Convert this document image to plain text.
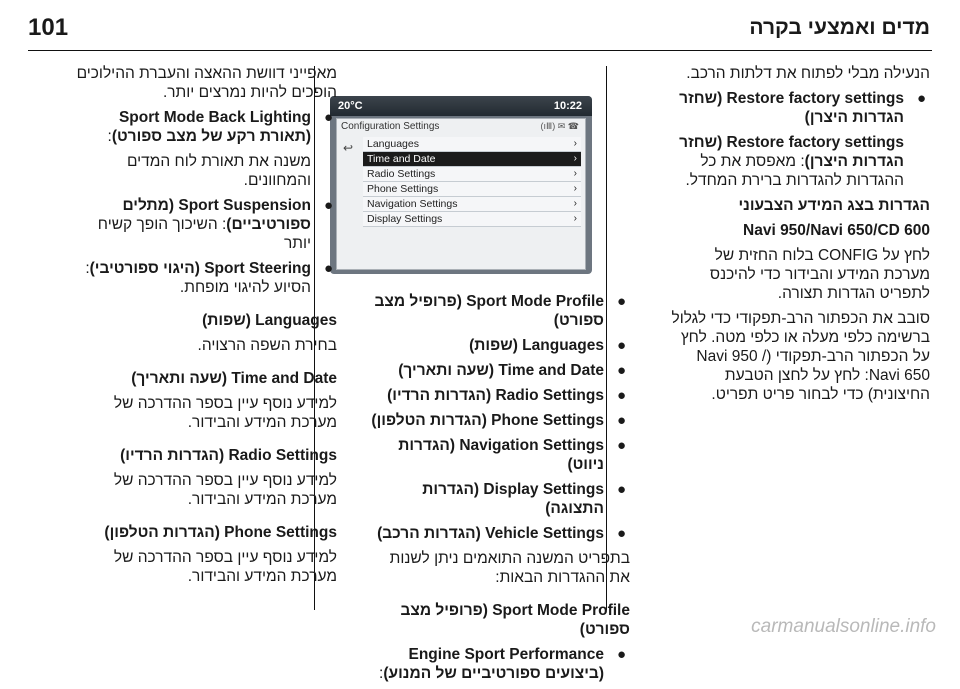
101	מדים ואמצעי בקרה

הנעילה מבלי לפתוח את דלתות הרכב.

●
Restore factory settings (שחזר הגדרות היצרן)

Restore factory settings (שחזר הגדרות היצרן): מאפסת את כל ההגדרות להגדרות ברירת המחדל.

הגדרות בצג המידע הצבעוני

Navi 950/Navi 650/CD 600

לחץ על CONFIG בלוח החזית של מערכת המידע והבידור כדי להיכנס לתפריט הגדרות תצורה.

סובב את הכפתור הרב-תפקודי כדי לגלול ברשימה כלפי מעלה או כלפי מטה. לחץ על הכפתור הרב-תפקודי (/ Navi 950

Navi 650: לחץ על לחצן הטבעת החיצונית) כדי לבחור פריט תפריט.

20°C	10:22
Configuration Settings	(ıⅢ) ✉ ☎
↩	Languages	›
Time and Date	›
Radio Settings	›
Phone Settings	›
Navigation Settings	›
Display Settings	›
●
Sport Mode Profile (פרופיל מצב ספורט)
●
Languages (שפות)
●
Time and Date (שעה ותאריך)
●
Radio Settings (הגדרות הרדיו)
●
Phone Settings (הגדרות הטלפון)
●
Navigation Settings (הגדרות ניווט)
●
Display Settings (הגדרות התצוגה)
●
Vehicle Settings (הגדרות הרכב)

בתפריט המשנה התואמים ניתן לשנות את ההגדרות הבאות:

Sport Mode Profile (פרופיל מצב ספורט)

●
Engine Sport Performance (ביצועים ספורטיביים של המנוע):

מאפייני דוושת ההאצה והעברת ההילוכים הופכים להיות נמרצים יותר.

●
Sport Mode Back Lighting (תאורת רקע של מצב ספורט):

משנה את תאורת לוח המדים והמחוונים.

●
Sport Suspension (מתלים ספורטיביים): השיכוך הופך קשיח יותר
●
Sport Steering (היגוי ספורטיבי): הסיוע להיגוי מופחת.

Languages (שפות)

בחירת השפה הרצויה.

Time and Date (שעה ותאריך)

למידע נוסף עיין בספר ההדרכה של מערכת המידע והבידור.

Radio Settings (הגדרות הרדיו)

למידע נוסף עיין בספר ההדרכה של מערכת המידע והבידור.

Phone Settings (הגדרות הטלפון)

למידע נוסף עיין בספר ההדרכה של מערכת המידע והבידור.

carmanualsonline.info
